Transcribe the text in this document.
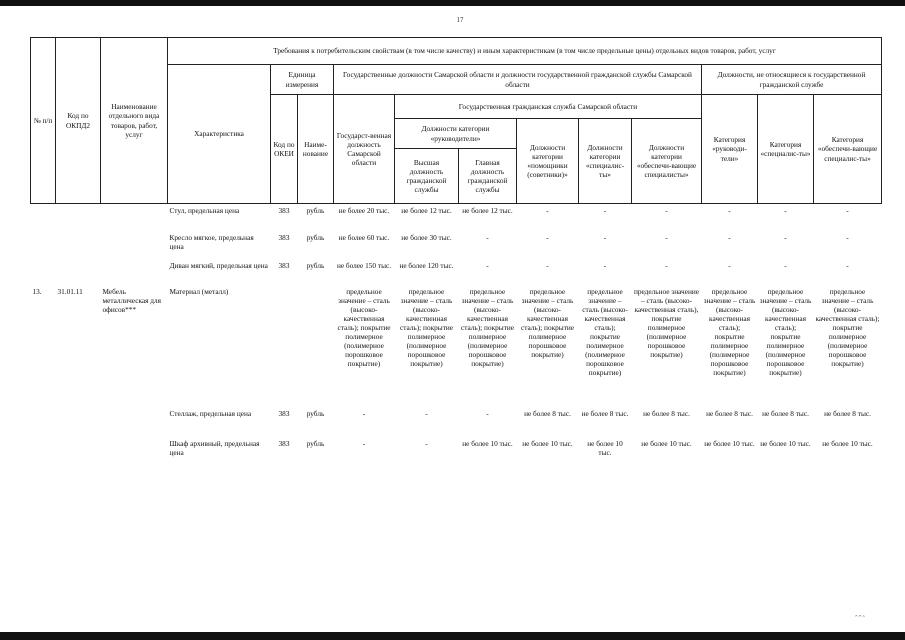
17
№ п/п	Код по ОКПД2	Наименование отдельного вида товаров, работ, услуг	Требования к потребительским свойствам (в том числе качеству) и иным характеристикам (в том числе предельные цены) отдельных видов товаров, работ, услуг											
			Характеристика	Единица измерения		Государственные должности Самарской области и должности государственной гражданской службы Самарской области						Должности, не относящиеся к государственной гражданской службе		
				Код по ОКЕИ	Наиме-нование	Государст-венная должность Самарской области	Государственная гражданская служба Самарской области					Категория «руководи-тели»	Категория «специалис-ты»	Категория «обеспечи-вающие специалис-ты»
							Должности категории «руководители»		Должности категории «помощники (советники)»	Должности категории «специалис-ты»	Должности категории «обеспечи-вающие специалисты»			
							Высшая должность гражданской службы	Главная должность гражданской службы						
			Стул, предельная цена	383	рубль	не более 20 тыс.	не более 12 тыс.	не более 12 тыс.	-	-	-	-	-	-
			Кресло мягкое, предельная цена	383	рубль	не более 60 тыс.	не более 30 тыс.	-	-	-	-	-	-	-
			Диван мягкий, предельная цена	383	рубль	не более 150 тыс.	не более 120 тыс.	-	-	-	-	-	-	-
13.	31.01.11	Мебель металлическая для офисов***	Материал (металл)			предельное значение – сталь (высоко-качественная сталь); покрытие полимерное (полимерное порошковое покрытие)	предельное значение – сталь (высоко-качественная сталь); покрытие полимерное (полимерное порошковое покрытие)	предельное значение – сталь (высоко-качественная сталь); покрытие полимерное (полимерное порошковое покрытие)	предельное значение – сталь (высоко-качественная сталь); покрытие полимерное порошковое покрытие)	предельное значение – сталь (высоко-качественная сталь); покрытие полимерное (полимерное порошковое покрытие)	предельное значение – сталь (высоко-качественная сталь), покрытие полимерное (полимерное порошковое покрытие)	предельное значение – сталь (высоко-качественная сталь); покрытие полимерное (полимерное порошковое покрытие)	предельное значение – сталь (высоко-качественная сталь); покрытие полимерное (полимерное порошковое покрытие)	предельное значение – сталь (высоко-качественная сталь); покрытие полимерное (полимерное порошковое покрытие)
			Стеллаж, предельная цена	383	рубль	-	-	-	не более 8 тыс.	не более 8 тыс.	не более 8 тыс.	не более 8 тыс.	не более 8 тыс.	не более 8 тыс.
			Шкаф архивный, предельная цена	383	рубль	-	-	не более 10 тыс.	не более 10 тыс.	не более 10 тыс.	не более 10 тыс.	не более 10 тыс.	не более 10 тыс.	не более 10 тыс.
ˆˆ˜
